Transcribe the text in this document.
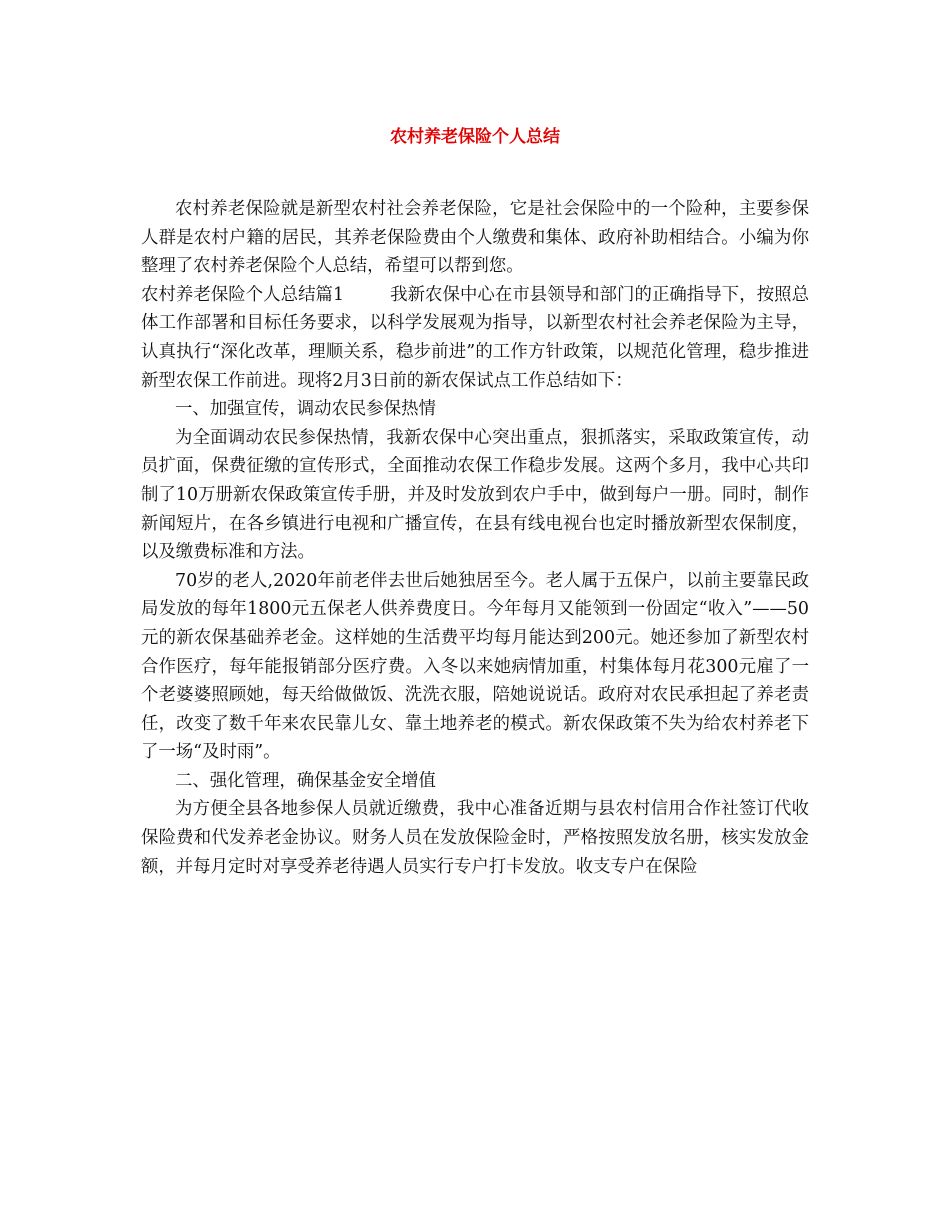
农村养老保险个人总结

农村养老保险就是新型农村社会养老保险，它是社会保险中的一个险种，主要参保人群是农村户籍的居民，其养老保险费由个人缴费和集体、政府补助相结合。小编为你整理了农村养老保险个人总结，希望可以帮到您。

农村养老保险个人总结篇1	我新农保中心在市县领导和部门的正确指导下，按照总体工作部署和目标任务要求，以科学发展观为指导，以新型农村社会养老保险为主导，认真执行“深化改革，理顺关系，稳步前进”的工作方针政策，以规范化管理，稳步推进新型农保工作前进。现将2月3日前的新农保试点工作总结如下：

一、加强宣传，调动农民参保热情

为全面调动农民参保热情，我新农保中心突出重点，狠抓落实，采取政策宣传，动员扩面，保费征缴的宣传形式，全面推动农保工作稳步发展。这两个多月，我中心共印制了10万册新农保政策宣传手册，并及时发放到农户手中，做到每户一册。同时，制作新闻短片，在各乡镇进行电视和广播宣传，在县有线电视台也定时播放新型农保制度，以及缴费标准和方法。

70岁的老人,2020年前老伴去世后她独居至今。老人属于五保户，以前主要靠民政局发放的每年1800元五保老人供养费度日。今年每月又能领到一份固定“收入”——50元的新农保基础养老金。这样她的生活费平均每月能达到200元。她还参加了新型农村合作医疗，每年能报销部分医疗费。入冬以来她病情加重，村集体每月花300元雇了一个老婆婆照顾她，每天给做做饭、洗洗衣服，陪她说说话。政府对农民承担起了养老责任，改变了数千年来农民靠儿女、靠土地养老的模式。新农保政策不失为给农村养老下了一场“及时雨”。

二、强化管理，确保基金安全增值

为方便全县各地参保人员就近缴费，我中心准备近期与县农村信用合作社签订代收保险费和代发养老金协议。财务人员在发放保险金时，严格按照发放名册，核实发放金额，并每月定时对享受养老待遇人员实行专户打卡发放。收支专户在保险
